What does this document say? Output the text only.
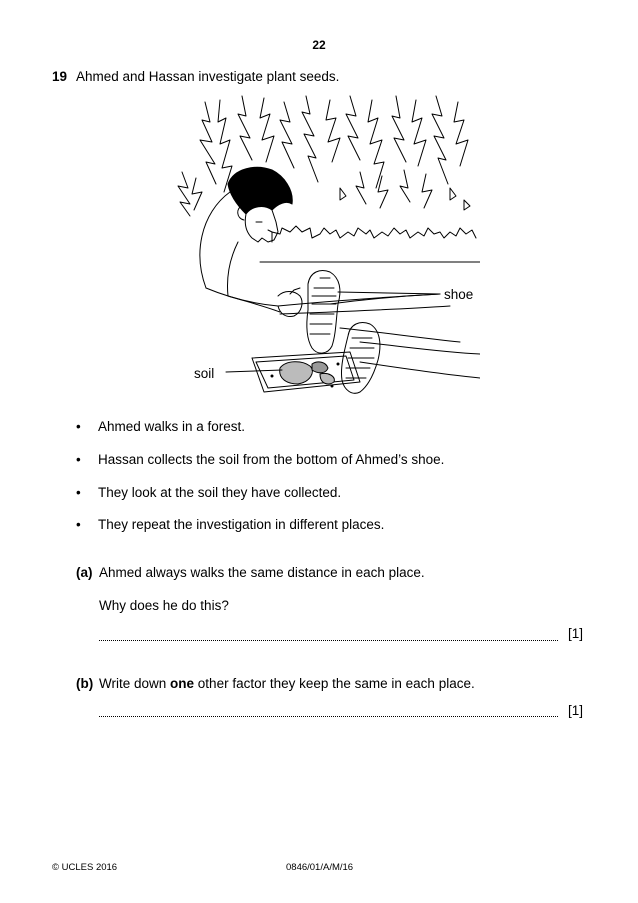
22
19 Ahmed and Hassan investigate plant seeds.
shoe
soil
• Ahmed walks in a forest.
• Hassan collects the soil from the bottom of Ahmed’s shoe.
• They look at the soil they have collected.
• They repeat the investigation in different places.
(a) Ahmed always walks the same distance in each place.
Why does he do this?
[1]
(b) Write down one other factor they keep the same in each place.
[1]
© UCLES 2016	0846/01/A/M/16
